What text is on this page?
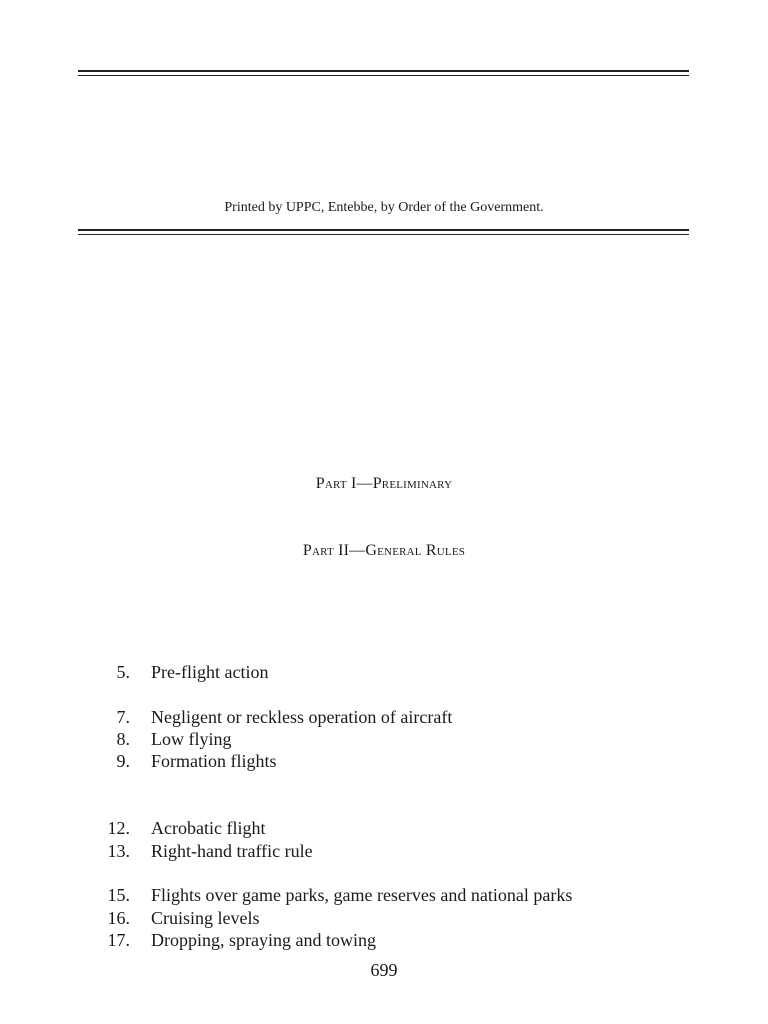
Printed by UPPC, Entebbe, by Order of the Government.
Part I—Preliminary
Part II—General Rules
5. Pre-flight action
7. Negligent or reckless operation of aircraft
8. Low flying
9. Formation flights
12. Acrobatic flight
13. Right-hand traffic rule
15. Flights over game parks, game reserves and national parks
16. Cruising levels
17. Dropping, spraying and towing
699
